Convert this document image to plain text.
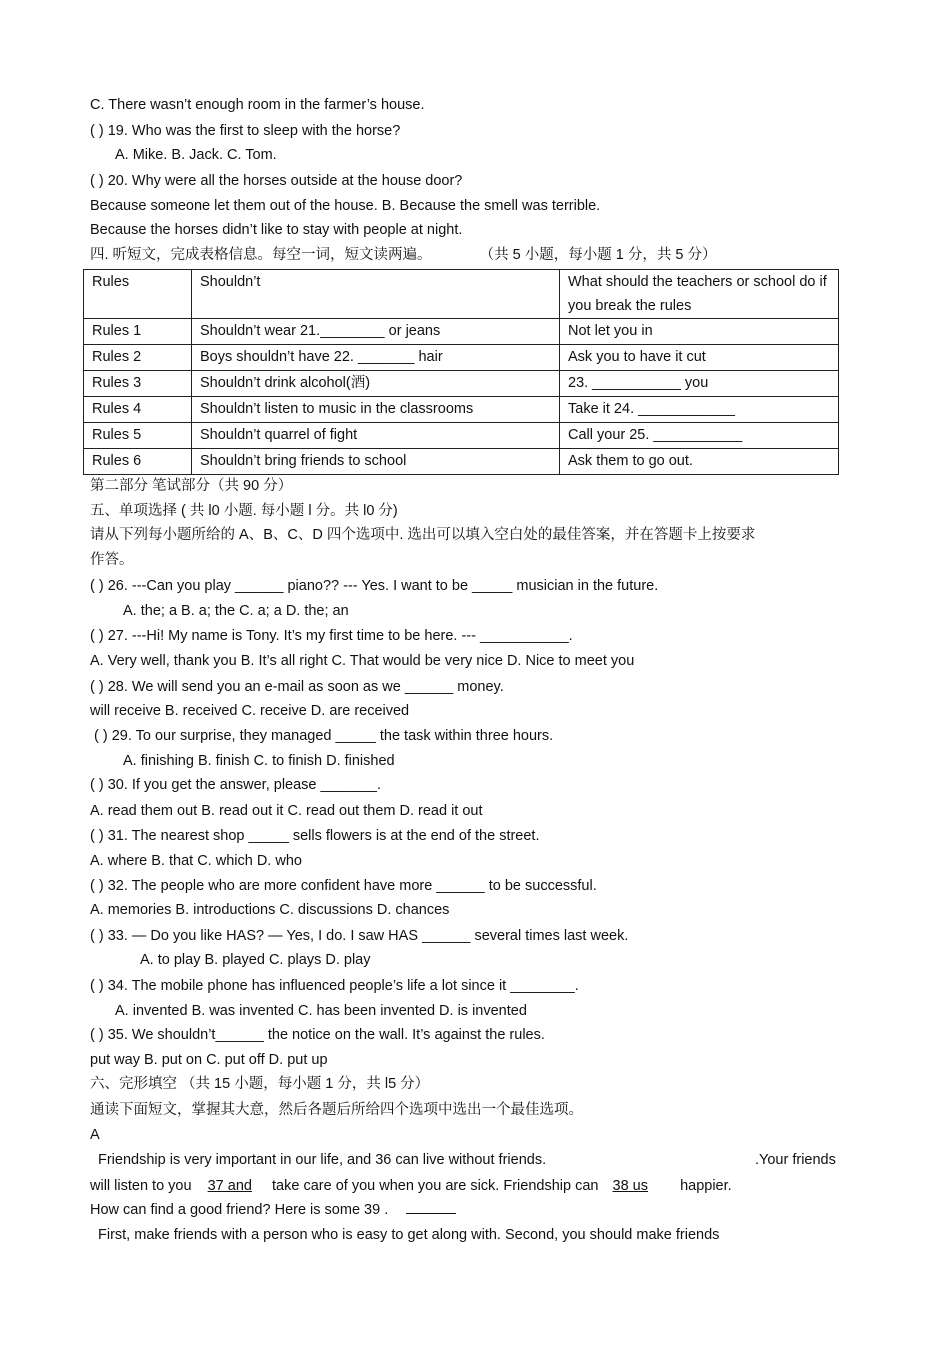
C. There wasn’t enough room in the farmer’s house.
( ) 19. Who was the first to sleep with the horse?
A. Mike. B. Jack. C. Tom.
( ) 20. Why were all the horses outside at the house door?
Because someone let them out of the house. B. Because the smell was terrible.
Because the horses didn’t like to stay with people at night.
四. 听短文，完成表格信息。每空一词，短文读两遍。	（共 5 小题，每小题 1 分，共 5 分）
Rules	Shouldn’t	What should the teachers or school do if you break the rules
Rules 1	Shouldn’t wear 21.________ or jeans	Not let you in
Rules 2	Boys shouldn’t have 22. _______ hair	Ask you to have it cut
Rules 3	Shouldn’t drink alcohol(酒)	23. ___________ you
Rules 4	Shouldn’t listen to music in the classrooms	Take it 24. ____________
Rules 5	Shouldn’t quarrel of fight	Call your 25. ___________
Rules 6	Shouldn’t bring friends to school	Ask them to go out.
第二部分 笔试部分（共 90 分）
五、单项选择 ( 共 l0 小题. 每小题 l 分。共 l0 分)
请从下列每小题所给的 A、B、C、D 四个选项中. 选出可以填入空白处的最佳答案，并在答题卡上按要求
作答。
( ) 26. ---Can you play ______ piano?? --- Yes. I want to be _____ musician in the future.
A. the; a B. a; the C. a; a D. the; an
( ) 27. ---Hi! My name is Tony. It’s my first time to be here. --- ___________.
A. Very well, thank you B. It’s all right C. That would be very nice D. Nice to meet you
( ) 28. We will send you an e-mail as soon as we ______ money.
will receive B. received C. receive D. are received
( ) 29. To our surprise, they managed _____ the task within three hours.
A. finishing B. finish C. to finish D. finished
( ) 30. If you get the answer, please _______.
A. read them out B. read out it C. read out them D. read it out
( ) 31. The nearest shop _____ sells flowers is at the end of the street.
A. where B. that C. which D. who
( ) 32. The people who are more confident have more ______ to be successful.
A. memories B. introductions C. discussions D. chances
( ) 33. — Do you like HAS? — Yes, I do. I saw HAS ______ several times last week.
A. to play B. played C. plays D. play
( ) 34. The mobile phone has influenced people’s life a lot since it ________.
A. invented B. was invented C. has been invented D. is invented
( ) 35. We shouldn’t______ the notice on the wall. It’s against the rules.
put way B. put on C. put off D. put up
六、完形填空 （共 15 小题，每小题 1 分，共 l5 分）
通读下面短文，掌握其大意，然后各题后所给四个选项中选出一个最佳选项。
A
Friendship is very important in our life, and 36 can live without friends.	.Your friends
will listen to you 37 and take care of you when you are sick. Friendship can 38 us happier.
How can find a good friend? Here is some 39 .
First, make friends with a person who is easy to get along with. Second, you should make friends
